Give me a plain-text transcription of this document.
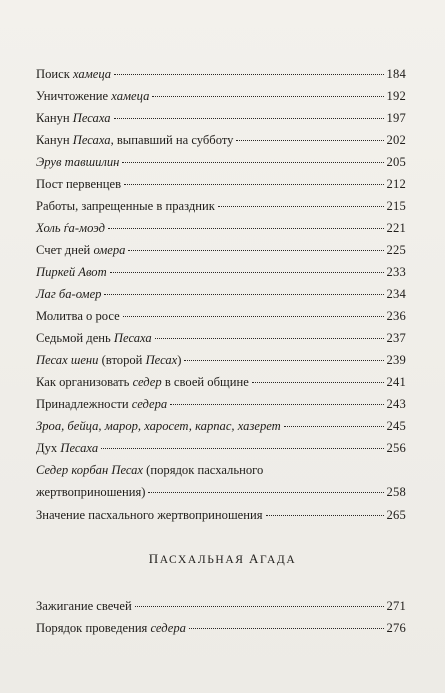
Поиск хамеца	184
Уничтожение хамеца	192
Канун Песаха	197
Канун Песаха, выпавший на субботу	202
Эрув тавшилин	205
Пост первенцев	212
Работы, запрещенные в праздник	215
Холь ѓа-моэд	221
Счет дней омера	225
Пиркей Авот	233
Лаг ба-омер	234
Молитва о росе	236
Седьмой день Песаха	237
Песах шени (второй Песах)	239
Как организовать седер в своей общине	241
Принадлежности седера	243
Зроа, бейца, марор, харосет, карпас, хазерет	245
Дух Песаха	256
Седер корбан Песах (порядок пасхального
жертвоприношения)	258
Значение пасхального жертвоприношения	265
ПАСХАЛЬНАЯ АГАДА
Зажигание свечей	271
Порядок проведения седера	276
